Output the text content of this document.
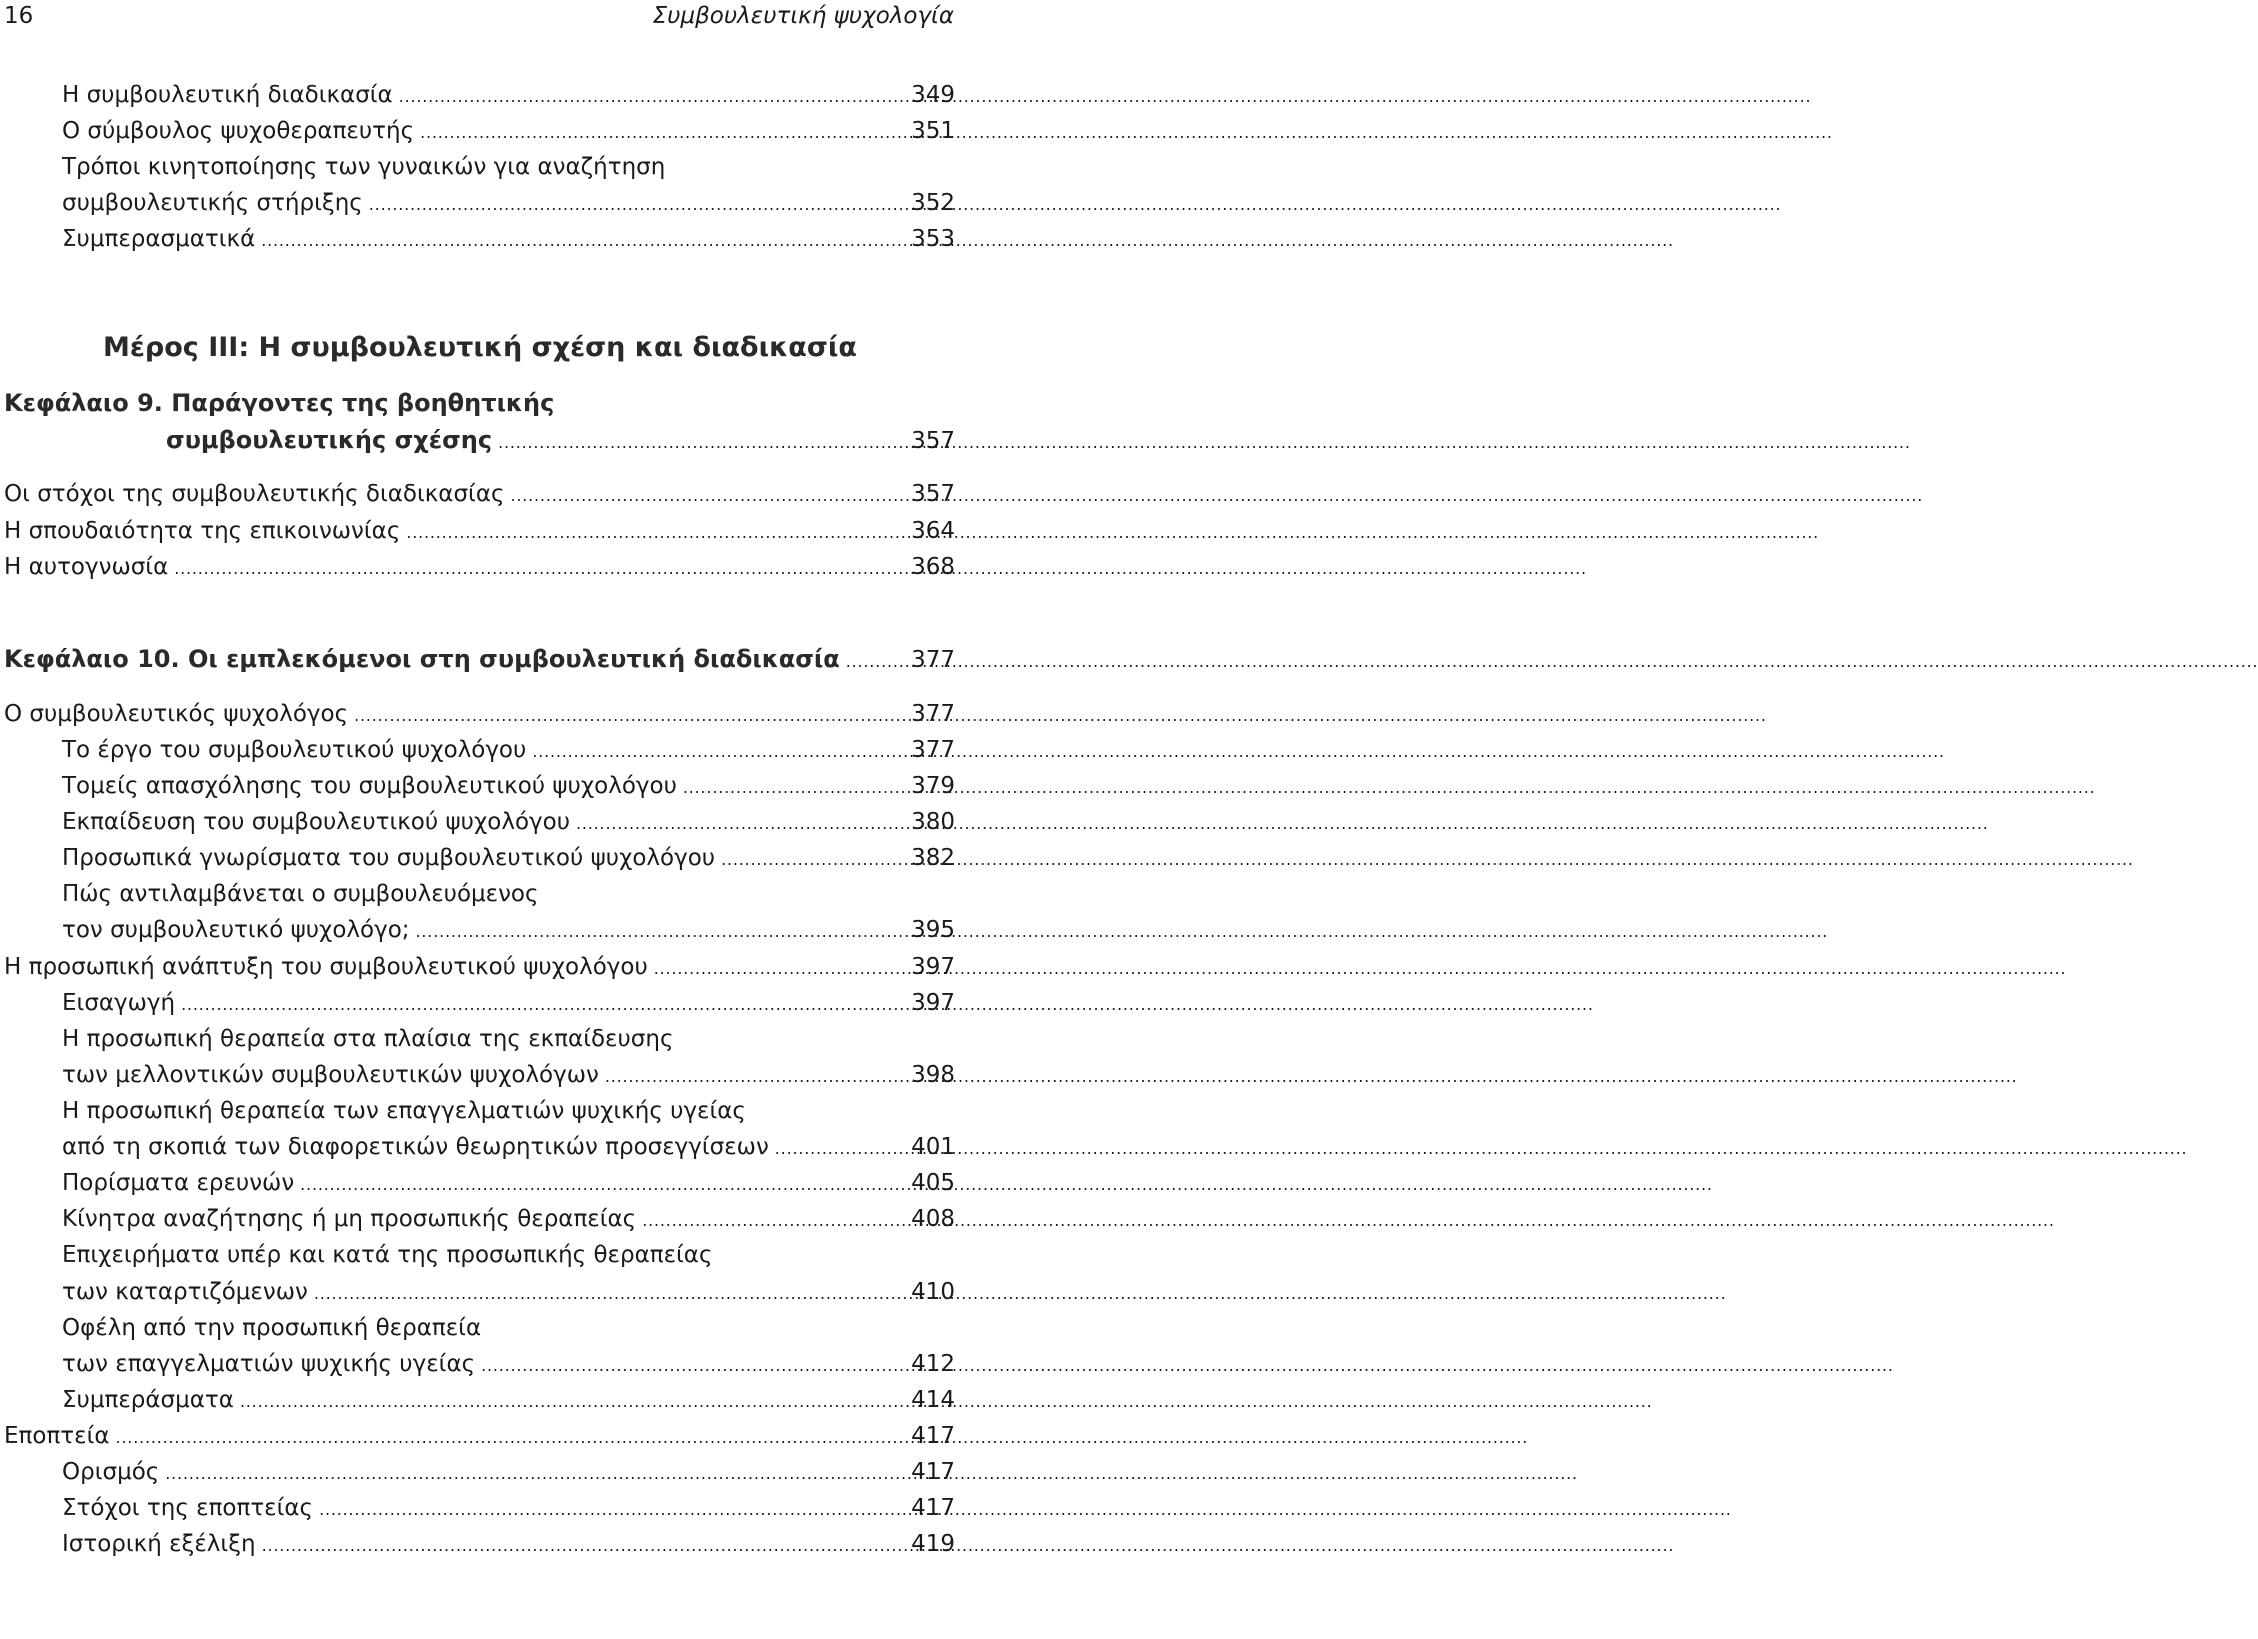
16	Συμβουλευτική ψυχολογία
Η συμβουλευτική διαδικασία .....	349
Ο σύμβουλος ψυχοθεραπευτής .....	351
Τρόποι κινητοποίησης των γυναικών για αναζήτηση
συμβουλευτικής στήριξης .....	352
Συμπερασματικά .....	353
Μέρος III: Η συμβουλευτική σχέση και διαδικασία
Κεφάλαιο 9. Παράγοντες της βοηθητικής
συμβουλευτικής σχέσης .....	357
Οι στόχοι της συμβουλευτικής διαδικασίας .....	357
Η σπουδαιότητα της επικοινωνίας .....	364
Η αυτογνωσία .....	368
Κεφάλαιο 10. Οι εμπλεκόμενοι στη συμβουλευτική διαδικασία .....	377
Ο συμβουλευτικός ψυχολόγος .....	377
Το έργο του συμβουλευτικού ψυχολόγου .....	377
Τομείς απασχόλησης του συμβουλευτικού ψυχολόγου .....	379
Εκπαίδευση του συμβουλευτικού ψυχολόγου .....	380
Προσωπικά γνωρίσματα του συμβουλευτικού ψυχολόγου .....	382
Πώς αντιλαμβάνεται ο συμβουλευόμενος
τον συμβουλευτικό ψυχολόγο; .....	395
Η προσωπική ανάπτυξη του συμβουλευτικού ψυχολόγου .....	397
Εισαγωγή .....	397
Η προσωπική θεραπεία στα πλαίσια της εκπαίδευσης
των μελλοντικών συμβουλευτικών ψυχολόγων .....	398
Η προσωπική θεραπεία των επαγγελματιών ψυχικής υγείας
από τη σκοπιά των διαφορετικών θεωρητικών προσεγγίσεων .....	401
Πορίσματα ερευνών .....	405
Κίνητρα αναζήτησης ή μη προσωπικής θεραπείας .....	408
Επιχειρήματα υπέρ και κατά της προσωπικής θεραπείας
των καταρτιζόμενων .....	410
Οφέλη από την προσωπική θεραπεία
των επαγγελματιών ψυχικής υγείας .....	412
Συμπεράσματα .....	414
Εποπτεία .....	417
Ορισμός .....	417
Στόχοι της εποπτείας .....	417
Ιστορική εξέλιξη .....	419
